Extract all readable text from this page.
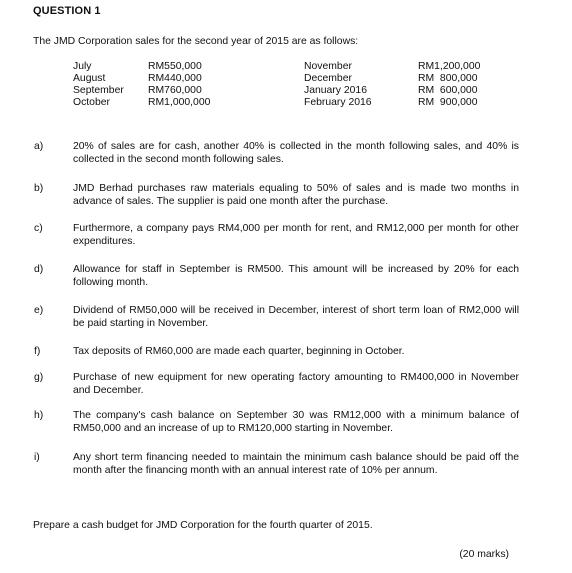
QUESTION 1
The JMD Corporation sales for the second year of 2015 are as follows:
July	RM550,000	November	RM1,200,000
August	RM440,000	December	RM  800,000
September RM760,000	January 2016	RM  600,000
October	RM1,000,000	February 2016	RM  900,000
a)	20% of sales are for cash, another 40% is collected in the month following sales, and 40% is collected in the second month following sales.
b)	JMD Berhad purchases raw materials equaling to 50% of sales and is made two months in advance of sales. The supplier is paid one month after the purchase.
c)	Furthermore, a company pays RM4,000 per month for rent, and RM12,000 per month for other expenditures.
d)	Allowance for staff in September is RM500. This amount will be increased by 20% for each following month.
e)	Dividend of RM50,000 will be received in December, interest of short term loan of RM2,000 will be paid starting in November.
f)	Tax deposits of RM60,000 are made each quarter, beginning in October.
g)	Purchase of new equipment for new operating factory amounting to RM400,000 in November and December.
h)	The company's cash balance on September 30 was RM12,000 with a minimum balance of RM50,000 and an increase of up to RM120,000 starting in November.
i)	Any short term financing needed to maintain the minimum cash balance should be paid off the month after the financing month with an annual interest rate of 10% per annum.
Prepare a cash budget for JMD Corporation for the fourth quarter of 2015.
(20 marks)
